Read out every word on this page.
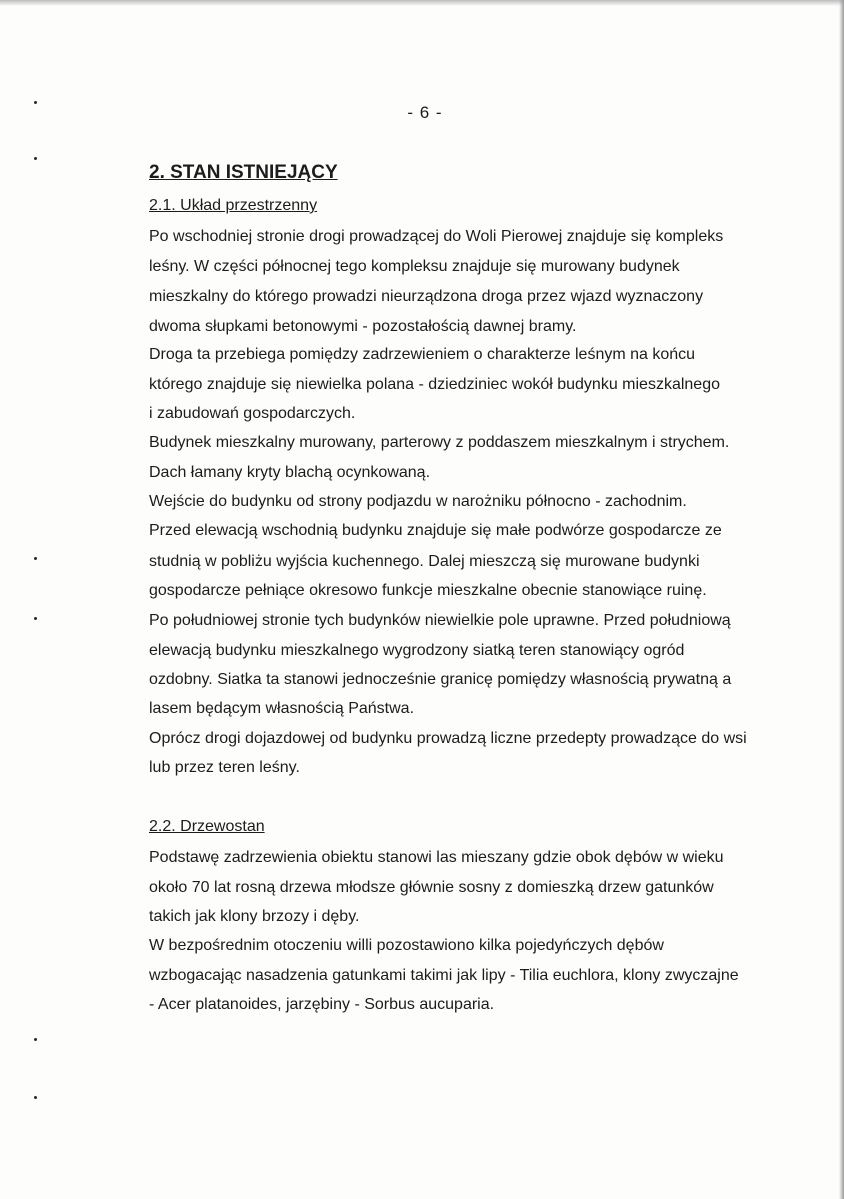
- 6 -
2. STAN ISTNIEJĄCY
2.1. Układ przestrzenny
Po wschodniej stronie drogi prowadzącej do Woli Pierowej znajduje się kompleks
leśny. W części północnej tego kompleksu znajduje się murowany budynek
mieszkalny do którego prowadzi nieurządzona droga przez wjazd wyznaczony
dwoma słupkami betonowymi - pozostałością dawnej bramy.
Droga ta przebiega pomiędzy zadrzewieniem o charakterze leśnym na końcu
którego znajduje się niewielka polana - dziedziniec wokół budynku mieszkalnego
i zabudowań gospodarczych.
Budynek mieszkalny murowany, parterowy z poddaszem mieszkalnym i strychem.
Dach łamany kryty blachą ocynkowaną.
Wejście do budynku od strony podjazdu w narożniku północno - zachodnim.
Przed elewacją wschodnią budynku znajduje się małe podwórze gospodarcze ze
studnią w pobliżu wyjścia kuchennego. Dalej mieszczą się murowane budynki
gospodarcze pełniące okresowo funkcje mieszkalne obecnie stanowiące ruinę.
Po południowej stronie tych budynków niewielkie pole uprawne. Przed południową
elewacją budynku mieszkalnego wygrodzony siatką teren stanowiący ogród
ozdobny. Siatka ta stanowi jednocześnie granicę pomiędzy własnością prywatną a
lasem będącym własnością Państwa.
Oprócz drogi dojazdowej od budynku prowadzą liczne przedepty prowadzące do wsi
lub przez teren leśny.
2.2. Drzewostan
Podstawę zadrzewienia obiektu stanowi las mieszany gdzie obok dębów w wieku
około 70 lat rosną drzewa młodsze głównie sosny z domieszką drzew gatunków
takich jak klony brzozy i dęby.
W bezpośrednim otoczeniu willi pozostawiono kilka pojedyńczych dębów
wzbogacając nasadzenia gatunkami takimi jak lipy - Tilia euchlora, klony zwyczajne
- Acer platanoides, jarzębiny - Sorbus aucuparia.
